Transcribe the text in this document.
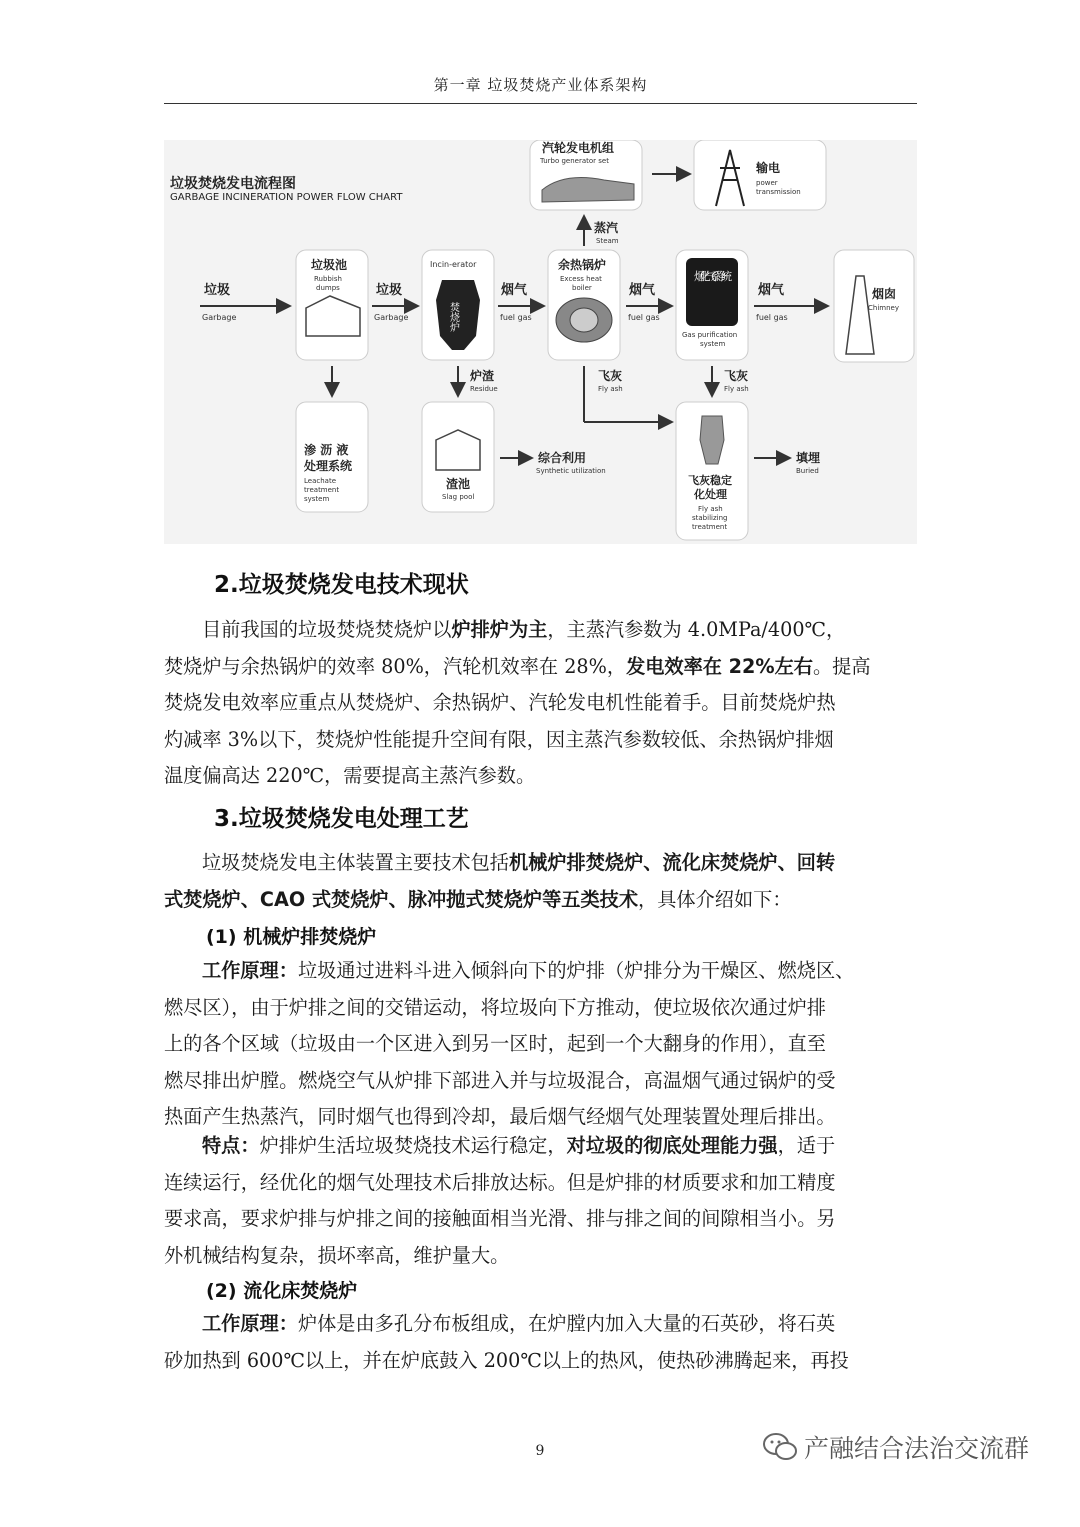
第一章 垃圾焚烧产业体系架构
垃圾焚烧发电流程图
GARBAGE INCINERATION POWER FLOW CHART
垃圾
Garbage
垃圾池
Rubbish
dumps	垃圾
Garbage
Incin-erator
焚烧炉
烟气
fuel gas
余热锅炉
Excess heat
boiler	烟气
fuel gas
烟化气系净统
Gas purification
system
烟气
fuel gas
烟囱
Chimney
蒸汽
Steam
汽轮发电机组
Turbo generator set	输电
power
transmission
渗 沥 液
处理系统
Leachate
treatment
system
炉渣
Residue
渣池
Slag pool
综合利用
Synthetic utilization
飞灰
Fly ash
飞灰
Fly ash
飞灰稳定
化处理
Fly ash
stabilizing
treatment
填埋
Buried
2.垃圾焚烧发电技术现状
目前我国的垃圾焚烧焚烧炉以炉排炉为主，主蒸汽参数为 4.0MPa/400℃，
焚烧炉与余热锅炉的效率 80%，汽轮机效率在 28%，发电效率在 22%左右。提高
焚烧发电效率应重点从焚烧炉、余热锅炉、汽轮发电机性能着手。目前焚烧炉热
灼减率 3%以下，焚烧炉性能提升空间有限，因主蒸汽参数较低、余热锅炉排烟
温度偏高达 220℃，需要提高主蒸汽参数。
3.垃圾焚烧发电处理工艺
垃圾焚烧发电主体装置主要技术包括机械炉排焚烧炉、流化床焚烧炉、回转
式焚烧炉、CAO 式焚烧炉、脉冲抛式焚烧炉等五类技术，具体介绍如下：
(1) 机械炉排焚烧炉
工作原理：垃圾通过进料斗进入倾斜向下的炉排（炉排分为干燥区、燃烧区、
燃尽区），由于炉排之间的交错运动，将垃圾向下方推动，使垃圾依次通过炉排
上的各个区域（垃圾由一个区进入到另一区时，起到一个大翻身的作用），直至
燃尽排出炉膛。燃烧空气从炉排下部进入并与垃圾混合，高温烟气通过锅炉的受
热面产生热蒸汽，同时烟气也得到冷却，最后烟气经烟气处理装置处理后排出。
特点：炉排炉生活垃圾焚烧技术运行稳定，对垃圾的彻底处理能力强，适于
连续运行，经优化的烟气处理技术后排放达标。但是炉排的材质要求和加工精度
要求高，要求炉排与炉排之间的接触面相当光滑、排与排之间的间隙相当小。另
外机械结构复杂，损坏率高，维护量大。
(2) 流化床焚烧炉
工作原理：炉体是由多孔分布板组成，在炉膛内加入大量的石英砂，将石英
砂加热到 600℃以上，并在炉底鼓入 200℃以上的热风，使热砂沸腾起来，再投
9	产融结合法治交流群
